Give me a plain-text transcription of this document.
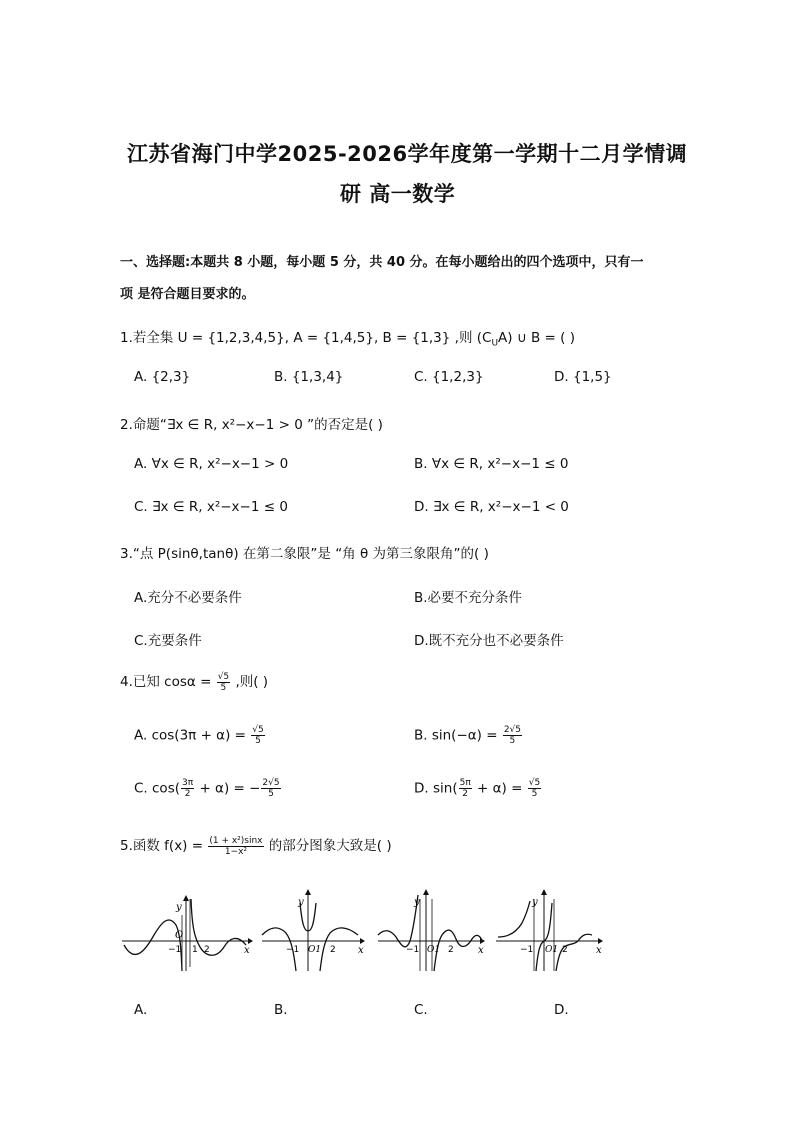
江苏省海门中学2025-2026学年度第一学期十二月学情调
研 高一数学
一、选择题:本题共 8 小题，每小题 5 分，共 40 分。在每小题给出的四个选项中，只有一
项 是符合题目要求的。
1.若全集 U = {1,2,3,4,5}, A = {1,4,5}, B = {1,3} ,则 $(C_UA)$ ∪ B = ( )
A. {2,3}	B. {1,3,4}	C. {1,2,3}	D. {1,5}
2.命题“∃x ∈ R, x²−x−1 > 0 ”的否定是( )
A. ∀x ∈ R, x²−x−1 > 0	B. ∀x ∈ R, x²−x−1 ≤ 0
C. ∃x ∈ R, x²−x−1 ≤ 0	D. ∃x ∈ R, x²−x−1 < 0
3.“点 P(sinθ,tanθ) 在第二象限”是 “角 θ 为第三象限角”的( )
A.充分不必要条件	B.必要不充分条件
C.充要条件	D.既不充分也不必要条件
4.已知 $\cos\alpha = \frac{√5}{5}$ ,则( )
A. $\cos(3\pi + \alpha) = \frac{√5}{5}$	B. $\sin(-\alpha) = \frac{2√5}{5}$
C. $\cos( \frac{3\pi}{2} + \alpha)$ = − $\frac{2√5}{5}$	D. $\sin( \frac{5\pi}{2} + \alpha) = \frac{√5}{5}$
5.函数 $f(x) = \frac{\text{(1 + x²)sinx}}{\text{1−x²}}$ 的部分图象大致是( )
y
O
−1 1 2	x
y
−1 O1 2 x
y
−1 O1 2 x
y
−1 O1 2	x
A.	B.	C.	D.
